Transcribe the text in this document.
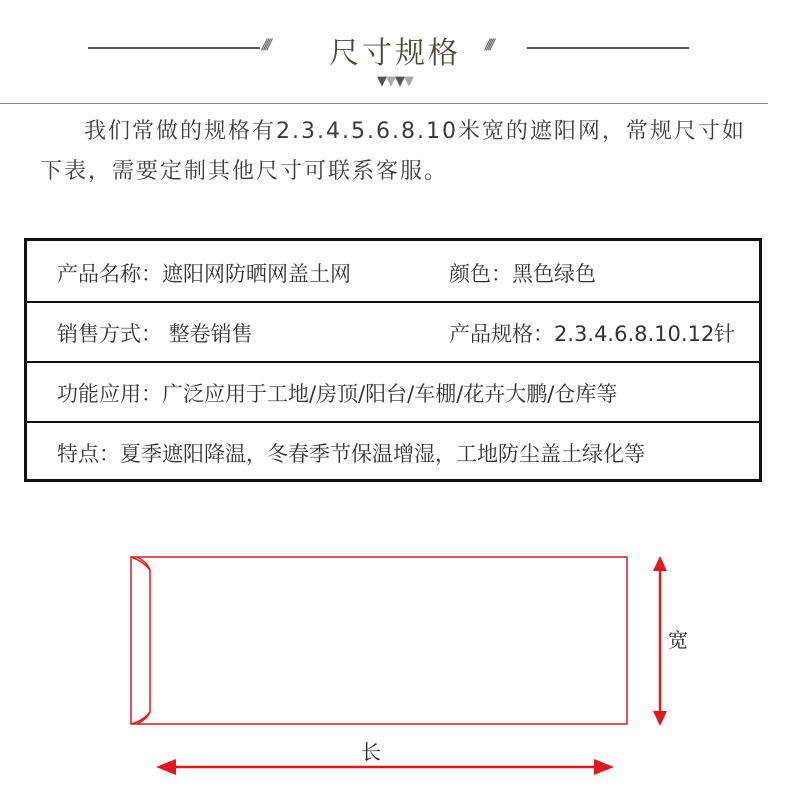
////	尺寸规格	////
▼▼▼▼
我们常做的规格有2.3.4.5.6.8.10米宽的遮阳网，常规尺寸如下表，需要定制其他尺寸可联系客服。
产品名称：遮阳网防晒网盖土网	颜色：黑色绿色
销售方式： 整卷销售	产品规格：2.3.4.6.8.10.12针
功能应用：广泛应用于工地/房顶/阳台/车棚/花卉大鹏/仓库等
特点：夏季遮阳降温，冬春季节保温增湿，工地防尘盖土绿化等
宽
长
